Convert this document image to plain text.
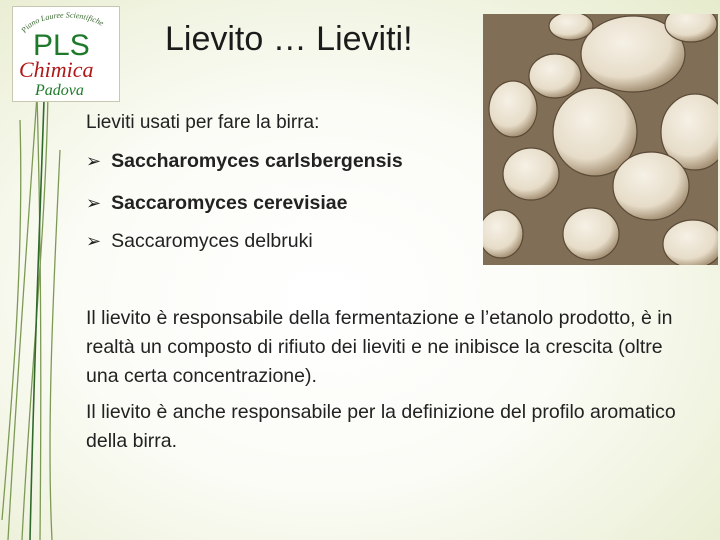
Piano Lauree Scientifiche
PLS
Chimica
Padova
Lievito … Lieviti!

Lieviti usati per fare la birra:

➢ Saccharomyces carlsbergensis
➢ Saccaromyces cerevisiae
➢ Saccaromyces delbruki

Il lievito è responsabile della fermentazione e l’etanolo prodotto, è in realtà un composto di rifiuto dei lieviti e ne inibisce la crescita (oltre una certa concentrazione).

Il lievito è anche responsabile per la definizione del profilo aromatico della birra.
